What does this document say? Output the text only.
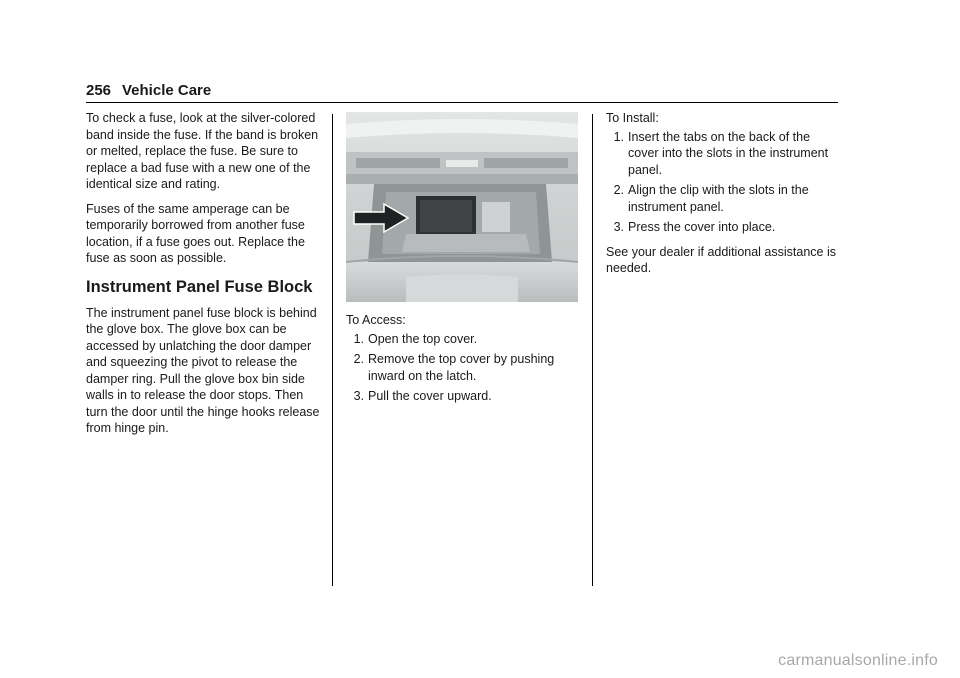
256 Vehicle Care

To check a fuse, look at the silver-colored band inside the fuse. If the band is broken or melted, replace the fuse. Be sure to replace a bad fuse with a new one of the identical size and rating.

Fuses of the same amperage can be temporarily borrowed from another fuse location, if a fuse goes out. Replace the fuse as soon as possible.

Instrument Panel Fuse Block

The instrument panel fuse block is behind the glove box. The glove box can be accessed by unlatching the door damper and squeezing the pivot to release the damper ring. Pull the glove box bin side walls in to release the door stops. Then turn the door until the hinge hooks release from hinge pin.

To Access:

1. Open the top cover.
2. Remove the top cover by pushing inward on the latch.
3. Pull the cover upward.

To Install:

1. Insert the tabs on the back of the cover into the slots in the instrument panel.
2. Align the clip with the slots in the instrument panel.
3. Press the cover into place.

See your dealer if additional assistance is needed.

carmanualsonline.info
